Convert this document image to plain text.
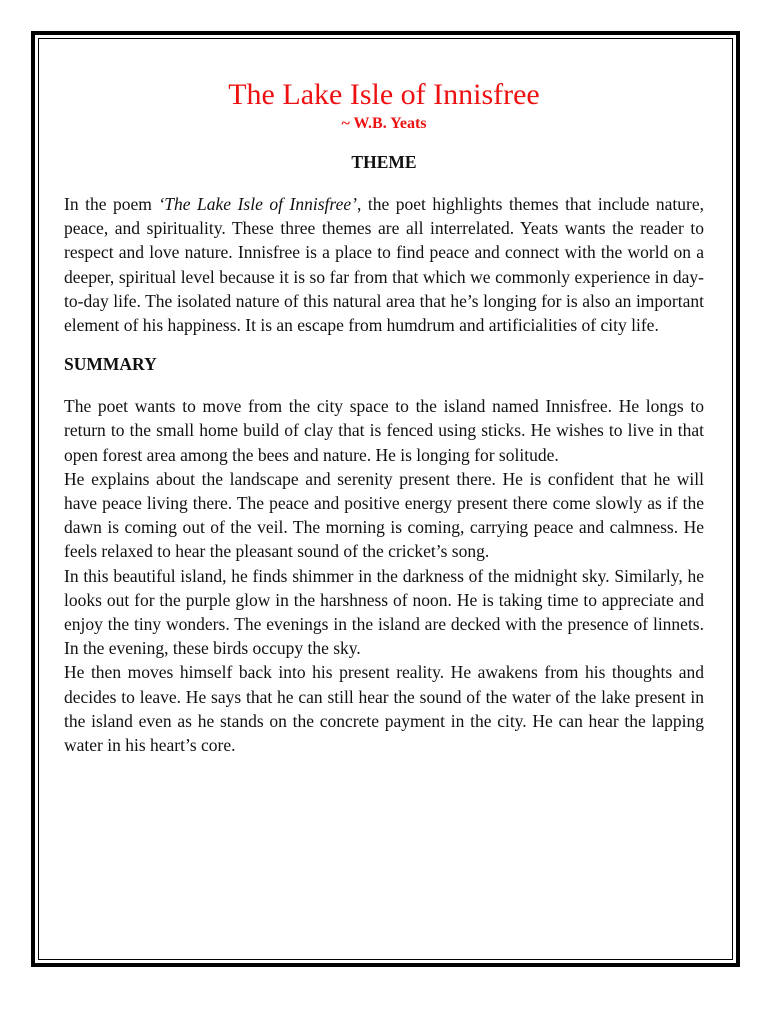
The Lake Isle of Innisfree

~ W.B. Yeats

THEME

In the poem ‘The Lake Isle of Innisfree’, the poet highlights themes that include nature, peace, and spirituality. These three themes are all interrelated. Yeats wants the reader to respect and love nature. Innisfree is a place to find peace and connect with the world on a deeper, spiritual level because it is so far from that which we commonly experience in day-to-day life. The isolated nature of this natural area that he’s longing for is also an important element of his happiness. It is an escape from humdrum and artificialities of city life.

SUMMARY

The poet wants to move from the city space to the island named Innisfree. He longs to return to the small home build of clay that is fenced using sticks. He wishes to live in that open forest area among the bees and nature. He is longing for solitude.

He explains about the landscape and serenity present there. He is confident that he will have peace living there. The peace and positive energy present there come slowly as if the dawn is coming out of the veil. The morning is coming, carrying peace and calmness. He feels relaxed to hear the pleasant sound of the cricket’s song.

In this beautiful island, he finds shimmer in the darkness of the midnight sky. Similarly, he looks out for the purple glow in the harshness of noon. He is taking time to appreciate and enjoy the tiny wonders. The evenings in the island are decked with the presence of linnets. In the evening, these birds occupy the sky.

He then moves himself back into his present reality. He awakens from his thoughts and decides to leave. He says that he can still hear the sound of the water of the lake present in the island even as he stands on the concrete payment in the city. He can hear the lapping water in his heart’s core.
